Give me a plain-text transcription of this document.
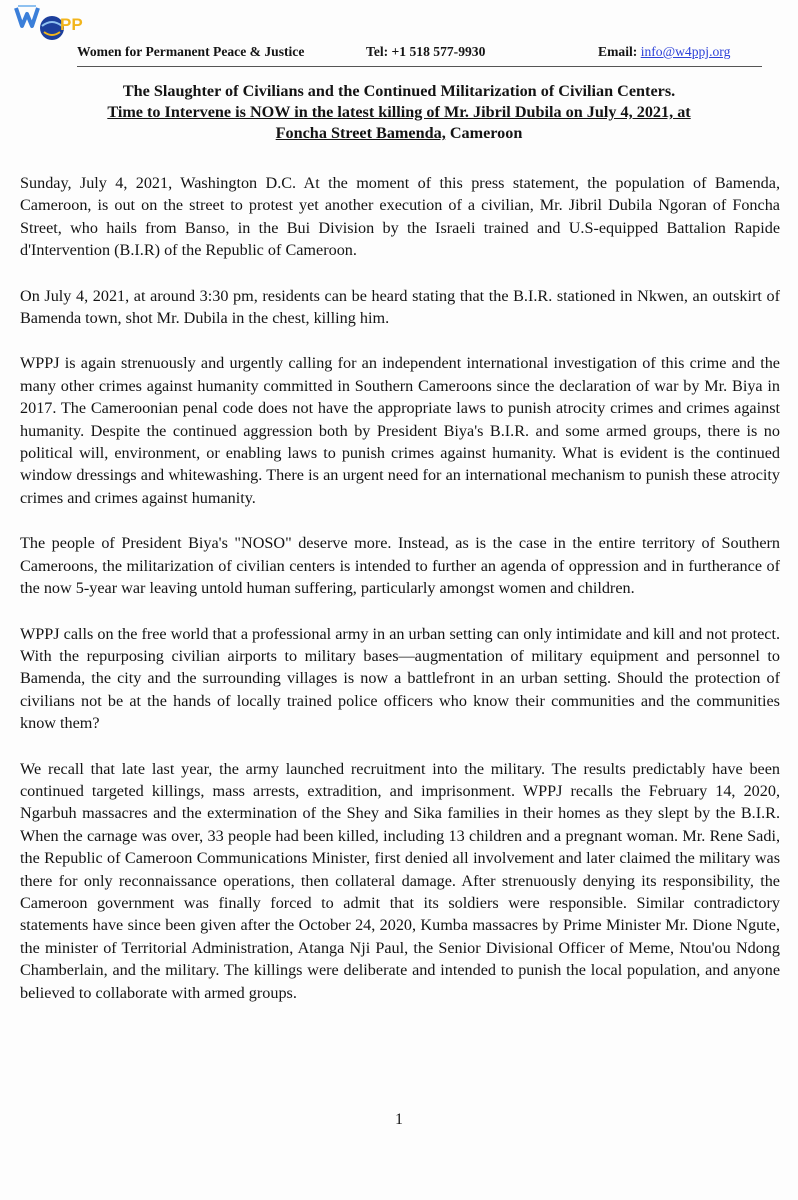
PP
Women for Permanent Peace & Justice	Tel: +1 518 577-9930	Email: info@w4ppj.org
The Slaughter of Civilians and the Continued Militarization of Civilian Centers.
Time to Intervene is NOW in the latest killing of Mr. Jibril Dubila on July 4, 2021, at
Foncha Street Bamenda, Cameroon

Sunday, July 4, 2021, Washington D.C. At the moment of this press statement, the population of Bamenda, Cameroon, is out on the street to protest yet another execution of a civilian, Mr. Jibril Dubila Ngoran of Foncha Street, who hails from Banso, in the Bui Division by the Israeli trained and U.S-equipped Battalion Rapide d'Intervention (B.I.R) of the Republic of Cameroon.

On July 4, 2021, at around 3:30 pm, residents can be heard stating that the B.I.R. stationed in Nkwen, an outskirt of Bamenda town, shot Mr. Dubila in the chest, killing him.

WPPJ is again strenuously and urgently calling for an independent international investigation of this crime and the many other crimes against humanity committed in Southern Cameroons since the declaration of war by Mr. Biya in 2017. The Cameroonian penal code does not have the appropriate laws to punish atrocity crimes and crimes against humanity. Despite the continued aggression both by President Biya's B.I.R. and some armed groups, there is no political will, environment, or enabling laws to punish crimes against humanity. What is evident is the continued window dressings and whitewashing. There is an urgent need for an international mechanism to punish these atrocity crimes and crimes against humanity.

The people of President Biya's "NOSO" deserve more. Instead, as is the case in the entire territory of Southern Cameroons, the militarization of civilian centers is intended to further an agenda of oppression and in furtherance of the now 5-year war leaving untold human suffering, particularly amongst women and children.

WPPJ calls on the free world that a professional army in an urban setting can only intimidate and kill and not protect. With the repurposing civilian airports to military bases—augmentation of military equipment and personnel to Bamenda, the city and the surrounding villages is now a battlefront in an urban setting. Should the protection of civilians not be at the hands of locally trained police officers who know their communities and the communities know them?

We recall that late last year, the army launched recruitment into the military. The results predictably have been continued targeted killings, mass arrests, extradition, and imprisonment. WPPJ recalls the February 14, 2020, Ngarbuh massacres and the extermination of the Shey and Sika families in their homes as they slept by the B.I.R. When the carnage was over, 33 people had been killed, including 13 children and a pregnant woman. Mr. Rene Sadi, the Republic of Cameroon Communications Minister, first denied all involvement and later claimed the military was there for only reconnaissance operations, then collateral damage. After strenuously denying its responsibility, the Cameroon government was finally forced to admit that its soldiers were responsible. Similar contradictory statements have since been given after the October 24, 2020, Kumba massacres by Prime Minister Mr. Dione Ngute, the minister of Territorial Administration, Atanga Nji Paul, the Senior Divisional Officer of Meme, Ntou'ou Ndong Chamberlain, and the military. The killings were deliberate and intended to punish the local population, and anyone believed to collaborate with armed groups.

1
